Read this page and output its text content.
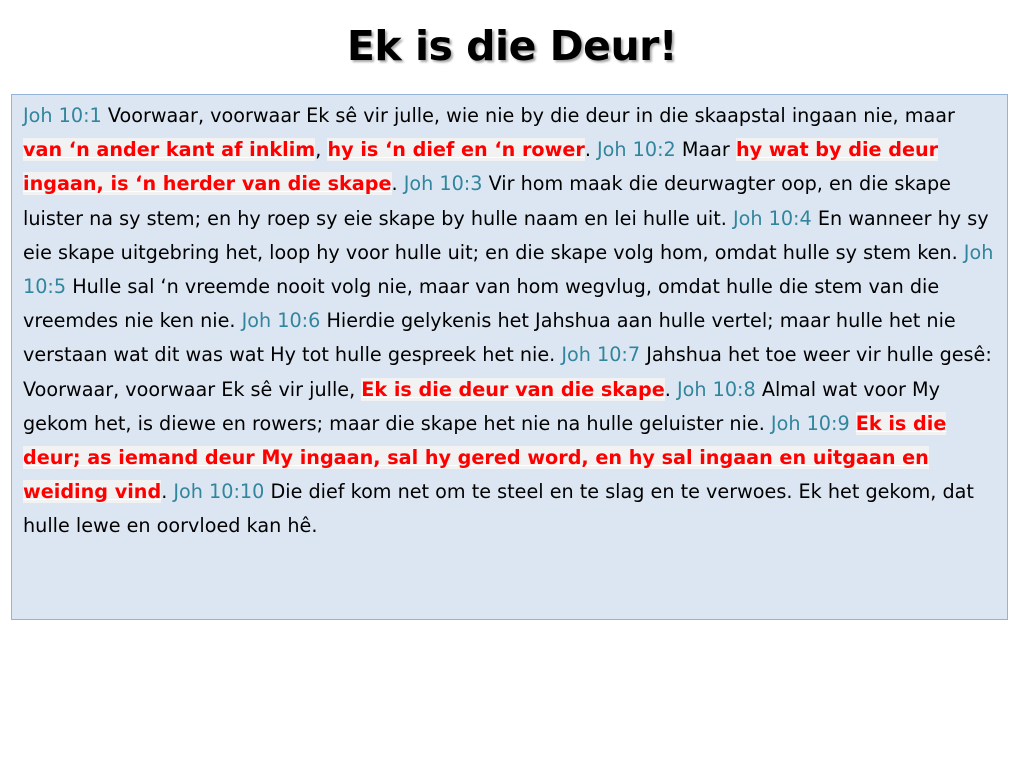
Ek is die Deur!
Joh 10:1 Voorwaar, voorwaar Ek sê vir julle, wie nie by die deur in die skaapstal ingaan nie, maar van ‘n ander kant af inklim, hy is ‘n dief en ‘n rower. Joh 10:2 Maar hy wat by die deur ingaan, is ‘n herder van die skape. Joh 10:3 Vir hom maak die deurwagter oop, en die skape luister na sy stem; en hy roep sy eie skape by hulle naam en lei hulle uit. Joh 10:4 En wanneer hy sy eie skape uitgebring het, loop hy voor hulle uit; en die skape volg hom, omdat hulle sy stem ken. Joh 10:5 Hulle sal ‘n vreemde nooit volg nie, maar van hom wegvlug, omdat hulle die stem van die vreemdes nie ken nie. Joh 10:6 Hierdie gelykenis het Jahshua aan hulle vertel; maar hulle het nie verstaan wat dit was wat Hy tot hulle gespreek het nie. Joh 10:7 Jahshua het toe weer vir hulle gesê: Voorwaar, voorwaar Ek sê vir julle, Ek is die deur van die skape. Joh 10:8 Almal wat voor My gekom het, is diewe en rowers; maar die skape het nie na hulle geluister nie. Joh 10:9 Ek is die deur; as iemand deur My ingaan, sal hy gered word, en hy sal ingaan en uitgaan en weiding vind. Joh 10:10 Die dief kom net om te steel en te slag en te verwoes. Ek het gekom, dat hulle lewe en oorvloed kan hê.
